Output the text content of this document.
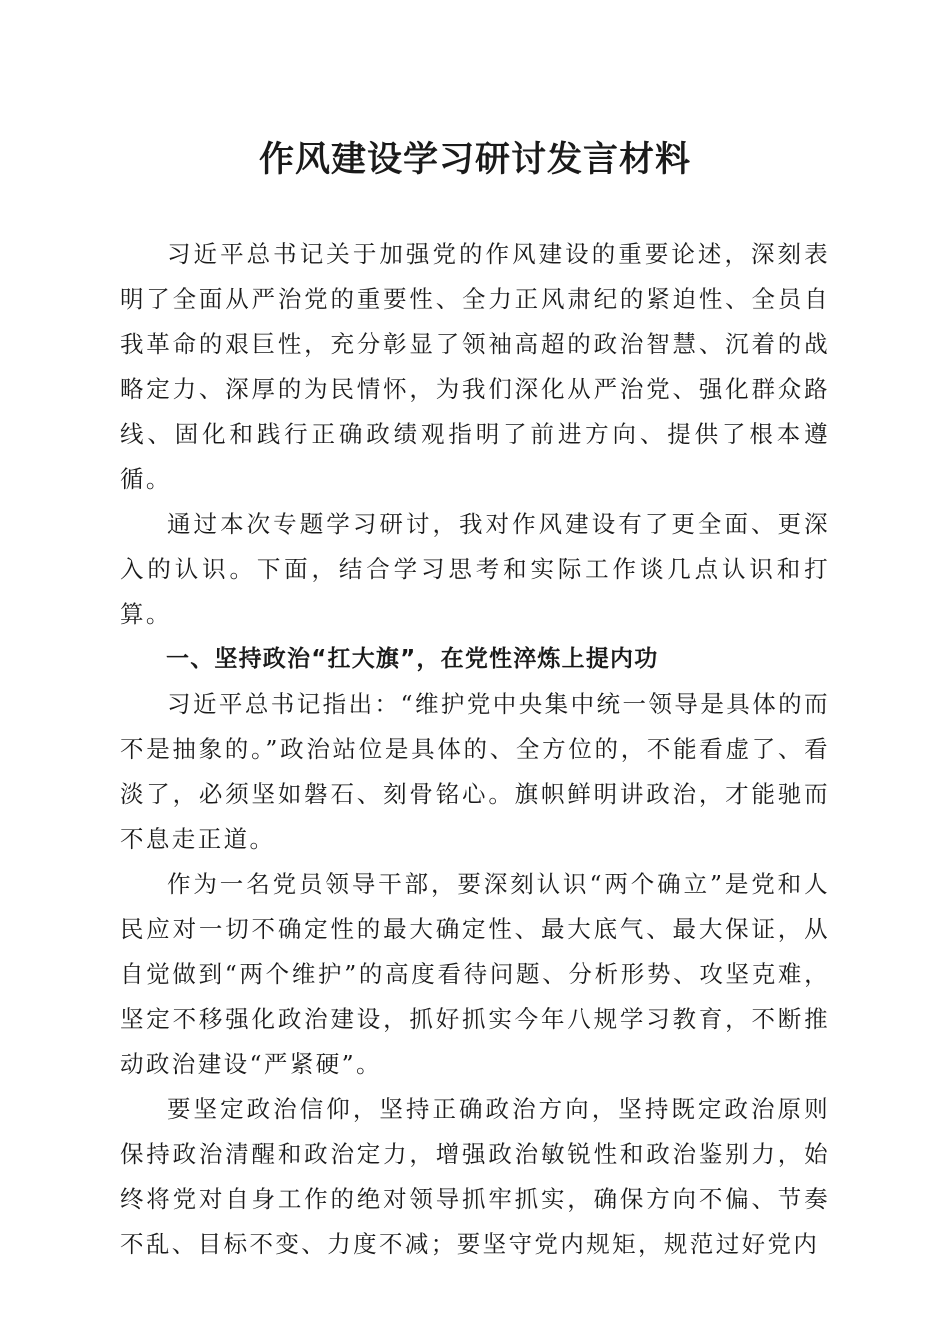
作风建设学习研讨发言材料

习近平总书记关于加强党的作风建设的重要论述，深刻表明了全面从严治党的重要性、全力正风肃纪的紧迫性、全员自我革命的艰巨性，充分彰显了领袖高超的政治智慧、沉着的战略定力、深厚的为民情怀，为我们深化从严治党、强化群众路线、固化和践行正确政绩观指明了前进方向、提供了根本遵循。

通过本次专题学习研讨，我对作风建设有了更全面、更深入的认识。下面，结合学习思考和实际工作谈几点认识和打算。

一、坚持政治“扛大旗”，在党性淬炼上提内功

习近平总书记指出：“维护党中央集中统一领导是具体的而不是抽象的。”政治站位是具体的、全方位的，不能看虚了、看淡了，必须坚如磐石、刻骨铭心。旗帜鲜明讲政治，才能驰而不息走正道。

作为一名党员领导干部，要深刻认识“两个确立”是党和人民应对一切不确定性的最大确定性、最大底气、最大保证，从自觉做到“两个维护”的高度看待问题、分析形势、攻坚克难，坚定不移强化政治建设，抓好抓实今年八规学习教育，不断推动政治建设“严紧硬”。

要坚定政治信仰，坚持正确政治方向，坚持既定政治原则保持政治清醒和政治定力，增强政治敏锐性和政治鉴别力，始终将党对自身工作的绝对领导抓牢抓实，确保方向不偏、节奏不乱、目标不变、力度不减；要坚守党内规矩，规范过好党内
